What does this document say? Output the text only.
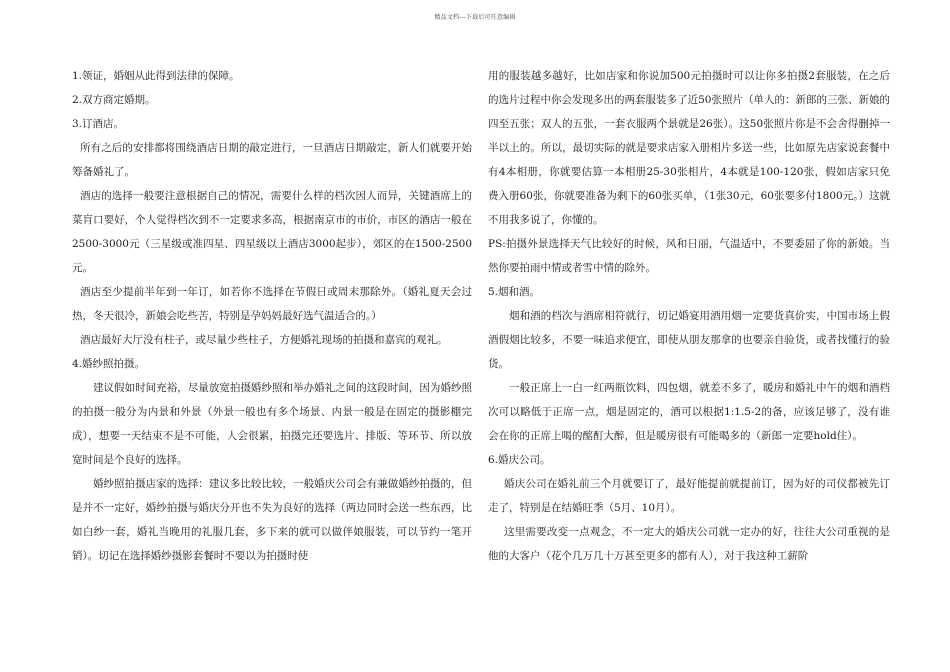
精品文档---下载后可任意编辑

1.领证，婚姻从此得到法律的保障。

2.双方商定婚期。

3.订酒店。

所有之后的安排都将围绕酒店日期的敲定进行，一旦酒店日期敲定，新人们就要开始筹备婚礼了。

酒店的选择一般要注意根据自己的情况，需要什么样的档次因人而异，关键酒席上的菜肓口要好，个人觉得档次到不一定要求多高，根据南京市的市价，市区的酒店一般在2500-3000元（三星级或准四星、四星级以上酒店3000起步），郊区的在1500-2500元。

酒店至少提前半年到一年订，如若你不选择在节假日或周末那除外。（婚礼夏天会过热，冬天很冷，新娘会吃些苦，特别是孕妈妈最好选气温适合的。）

酒店最好大厅没有柱子，或尽量少些柱子，方便婚礼现场的拍摄和嘉宾的观礼。

4.婚纱照拍摄。

建议假如时间充裕，尽量放宽拍摄婚纱照和举办婚礼之间的这段时间，因为婚纱照的拍摄一般分为内景和外景（外景一般也有多个场景、内景一般是在固定的摄影棚完成），想要一天结束不是不可能，人会很累，拍摄完还要选片、排版、等环节、所以放宽时间是个良好的选择。

婚纱照拍摄店家的选择：建议多比较比较，一般婚庆公司会有兼做婚纱拍摄的，但是并不一定好，婚纱拍摄与婚庆分开也不失为良好的选择（两边同时会送一些东西，比如白纱一套，婚礼当晚用的礼服几套，多下来的就可以做伴娘服装，可以节约一笔开销）。切记在选择婚纱摄影套餐时不要以为拍摄时使

用的服装越多越好，比如店家和你说加500元拍摄时可以让你多拍摄2套服装，在之后的选片过程中你会发现多出的两套服装多了近50张照片（单人的：新郎的三张、新娘的四至五张；双人的五张，一套衣服两个景就是26张）。这50张照片你是不会舍得删掉一半以上的。所以，最切实际的就是要求店家入册相片多送一些，比如原先店家说套餐中有4本相册，你就要估算一本相册25-30张相片，4本就是100-120张，假如店家只免费入册60张，你就要准备为剩下的60张买单，（1张30元，60张要多付1800元。）这就不用我多说了，你懂的。

PS:拍摄外景选择天气比较好的时候，风和日丽，气温适中，不要委屈了你的新娘。当然你要拍雨中情或者雪中情的除外。

5.烟和酒。

烟和酒的档次与酒席相符就行，切记婚宴用酒用烟一定要货真价实，中国市场上假酒假烟比较多，不要一味追求便宜，即使从朋友那拿的也要亲自验货，或者找懂行的验货。

一般正席上一白一红两瓶饮料，四包烟，就差不多了，暖房和婚礼中午的烟和酒档次可以略低于正席一点，烟是固定的，酒可以根据1:1.5-2的备，应该足够了，没有谁会在你的正席上喝的酩酊大醉，但是暖房很有可能喝多的（新郎一定要hold住）。

6.婚庆公司。

婚庆公司在婚礼前三个月就要订了，最好能提前就提前订，因为好的司仪都被先订走了，特别是在结婚旺季（5月、10月）。

这里需要改变一点观念，不一定大的婚庆公司就一定办的好，往往大公司重视的是他的大客户（花个几万几十万甚至更多的都有人），对于我这种工薪阶
